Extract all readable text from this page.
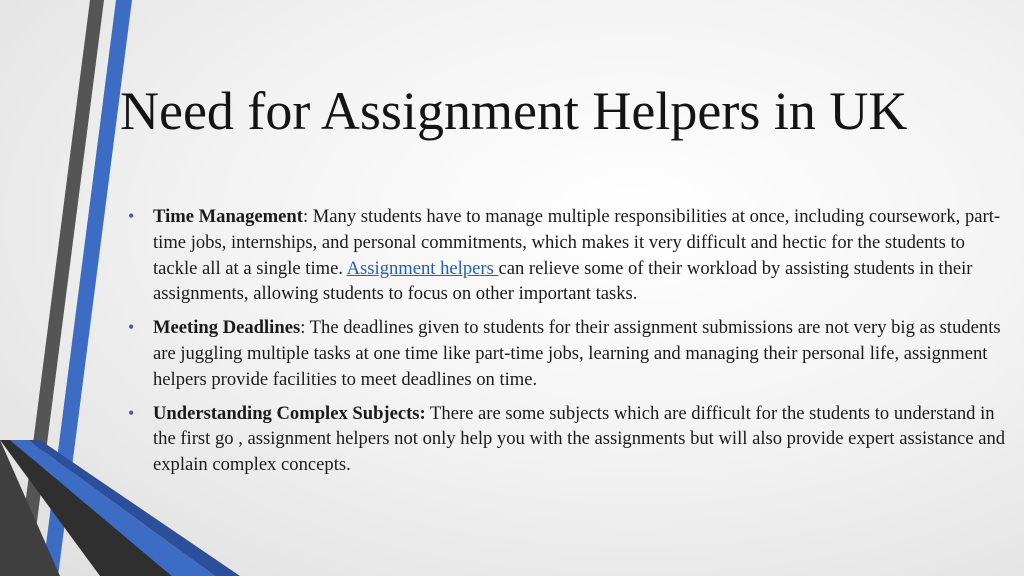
Need for Assignment Helpers in UK
• Time Management: Many students have to manage multiple responsibilities at once, including coursework, part-time jobs, internships, and personal commitments, which makes it very difficult and hectic for the students to tackle all at a single time. Assignment helpers can relieve some of their workload by assisting students in their assignments, allowing students to focus on other important tasks.
• Meeting Deadlines: The deadlines given to students for their assignment submissions are not very big as students are juggling multiple tasks at one time like part-time jobs, learning and managing their personal life, assignment helpers provide facilities to meet deadlines on time.
• Understanding Complex Subjects: There are some subjects which are difficult for the students to understand in the first go , assignment helpers not only help you with the assignments but will also provide expert assistance and explain complex concepts.
